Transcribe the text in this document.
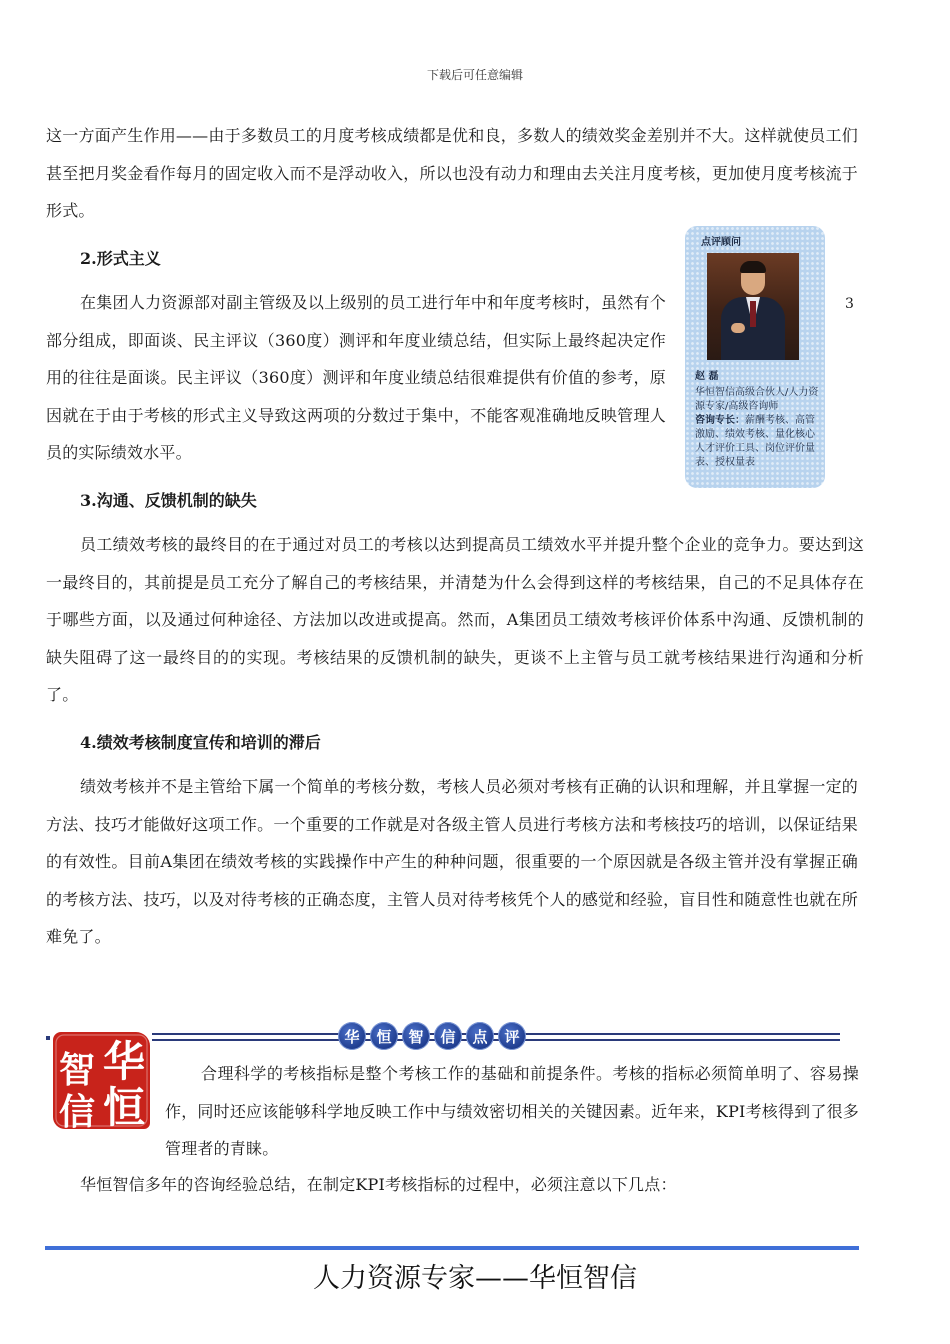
下载后可任意编辑

这一方面产生作用——由于多数员工的月度考核成绩都是优和良，多数人的绩效奖金差别并不大。这样就使员工们甚至把月奖金看作每月的固定收入而不是浮动收入，所以也没有动力和理由去关注月度考核，更加使月度考核流于形式。

2.形式主义

在集团人力资源部对副主管级及以上级别的员工进行年中和年度考核时，虽然有个部分组成，即面谈、民主评议（360度）测评和年度业绩总结，但实际上最终起决定作用的往往是面谈。民主评议（360度）测评和年度业绩总结很难提供有价值的参考，原因就在于由于考核的形式主义导致这两项的分数过于集中，不能客观准确地反映管理人员的实际绩效水平。

3
点评顾问
赵 磊
华恒智信高级合伙人/人力资源专家/高级咨询师
咨询专长：薪酬考核、高管激励、绩效考核、量化核心人才评价工具、岗位评价量表、授权量表

3.沟通、反馈机制的缺失

员工绩效考核的最终目的在于通过对员工的考核以达到提高员工绩效水平并提升整个企业的竞争力。要达到这一最终目的，其前提是员工充分了解自己的考核结果，并清楚为什么会得到这样的考核结果，自己的不足具体存在于哪些方面，以及通过何种途径、方法加以改进或提高。然而，A集团员工绩效考核评价体系中沟通、反馈机制的缺失阻碍了这一最终目的的实现。考核结果的反馈机制的缺失，更谈不上主管与员工就考核结果进行沟通和分析了。

4.绩效考核制度宣传和培训的滞后

绩效考核并不是主管给下属一个简单的考核分数，考核人员必须对考核有正确的认识和理解，并且掌握一定的方法、技巧才能做好这项工作。一个重要的工作就是对各级主管人员进行考核方法和考核技巧的培训，以保证结果的有效性。目前A集团在绩效考核的实践操作中产生的种种问题，很重要的一个原因就是各级主管并没有掌握正确的考核方法、技巧，以及对待考核的正确态度，主管人员对待考核凭个人的感觉和经验，盲目性和随意性也就在所难免了。

华	恒	智	信	点	评
华
智
恒
信

合理科学的考核指标是整个考核工作的基础和前提条件。考核的指标必须简单明了、容易操作，同时还应该能够科学地反映工作中与绩效密切相关的关键因素。近年来，KPI考核得到了很多管理者的青睐。

华恒智信多年的咨询经验总结，在制定KPI考核指标的过程中，必须注意以下几点：

人力资源专家——华恒智信
